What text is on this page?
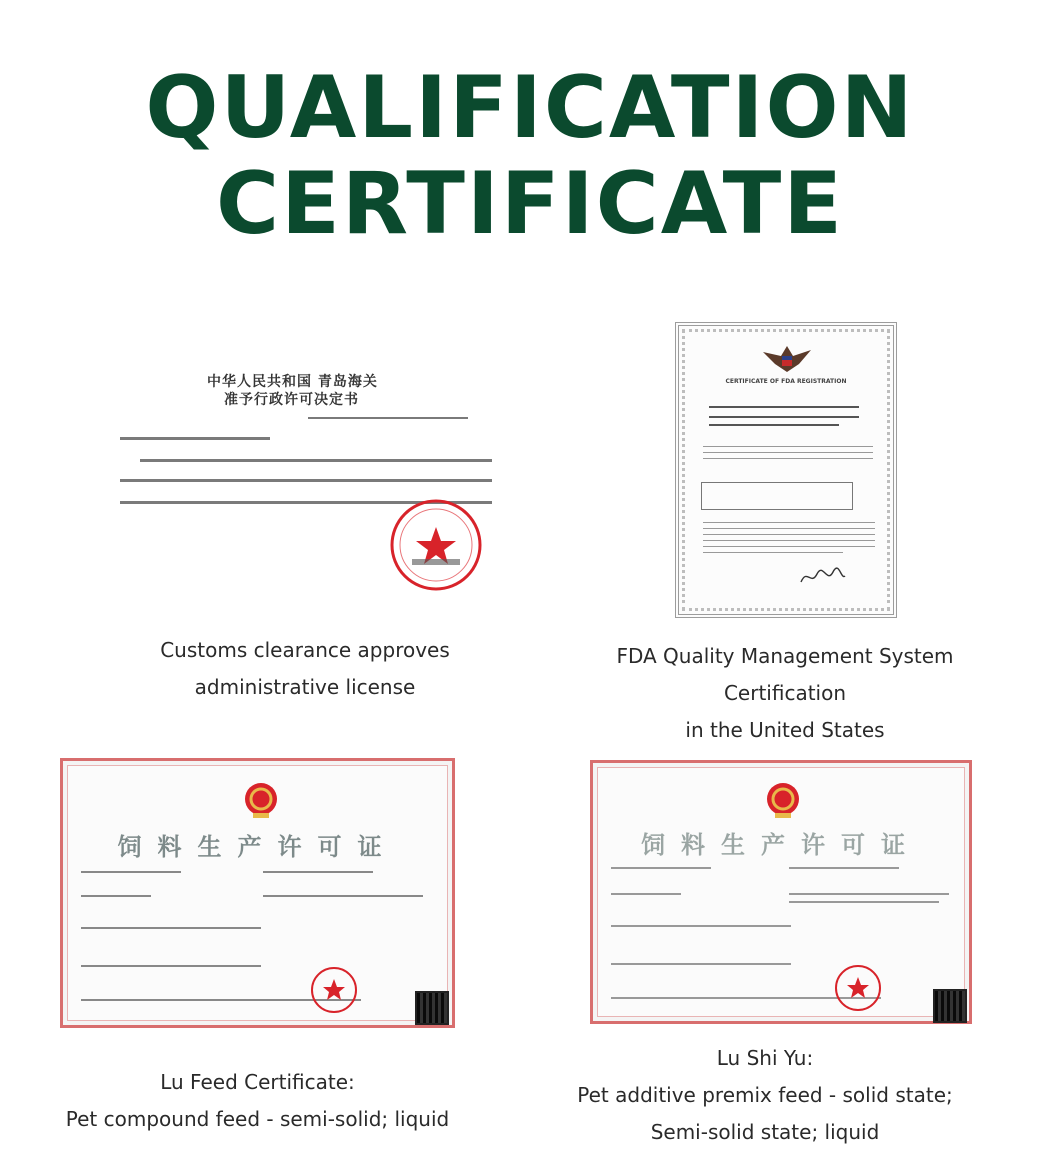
QUALIFICATION
CERTIFICATE
中华人民共和国 青岛海关
准予行政许可决定书
Customs clearance approves
administrative license
CERTIFICATE OF FDA REGISTRATION
FDA Quality Management System Certification
in the United States
饲料生产许可证
Lu Feed Certificate:
Pet compound feed - semi-solid; liquid
饲料生产许可证
Lu Shi Yu:
Pet additive premix feed - solid state;
Semi-solid state; liquid
